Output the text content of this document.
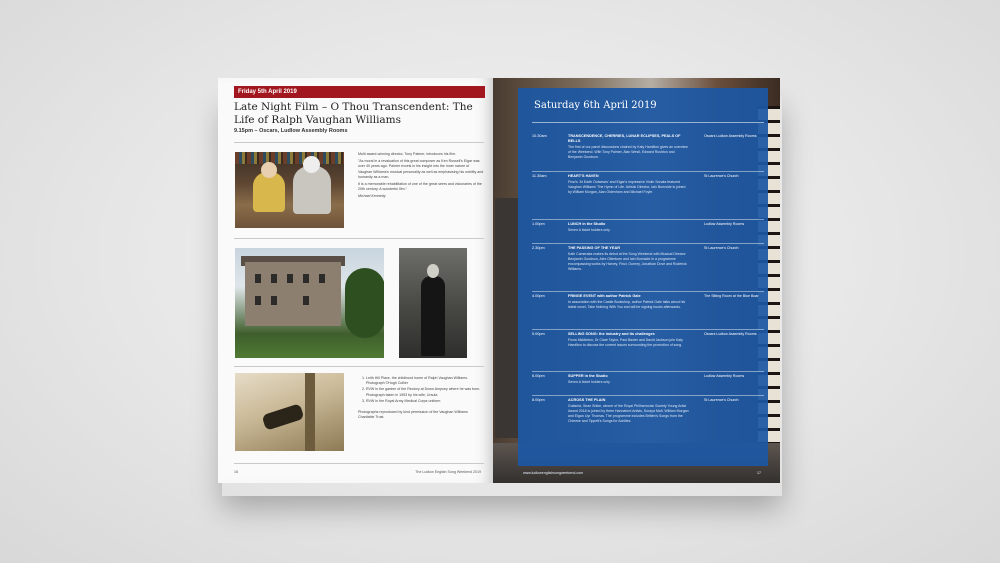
Friday 5th April 2019
Late Night Film – O Thou Transcendent: The Life of Ralph Vaughan Williams
9.15pm – Oscars, Ludlow Assembly Rooms

Multi award-winning director, Tony Palmer, introduces his film.

"As moral in a revaluation of this great composer as Ken Russell's Elgar was over 40 years ago. Palmer excels in his insight into the inner nature of Vaughan Williams's musical personality as well as emphasising his nobility and humanity as a man.

It is a memorable rehabilitation of one of the great seers and visionaries of the 20th century. A wonderful film."

Michael Kennedy

1. Leith Hill Place, the childhood home of Ralph Vaughan Williams. Photograph ©Hugh Collier
2. RVW in the garden of the Rectory at Down Ampney where he was born. Photograph taken in 1953 by his wife, Ursula
3. RVW in the Royal Army Medical Corps uniform
Photographs reproduced by kind permission of the Vaughan Williams Charitable Trust.
16	The Ludlow English Song Weekend 2019
Saturday 6th April 2019
10.30am	TRANSCENDENCE, CHERRIES, LUNAR ECLIPSES, PEALS OF BELLS
The first of our panel discussions chaired by Katy Hamilton gives an overview of the Weekend. With Tony Palmer, Alan Westl, Edward Rushton and Benjamin Goodson.
Oscars Ludlow Assembly Rooms
11.30am	HEART'S HAVEN
Finzi's 'At Earth Outwears' and Elgar's impressive Violin Sonata featured Vaughan Williams' The Hymn of Life. Artistic Director, Iain Burnside is joined by William Morgan, Alan Oldenham and Michael Foyle.
St Laurence's Church
1.00pm	LUNCH in the Studio
Seven A ticket holders only
Ludlow Assembly Rooms
2.30pm	THE PASSING OF THE YEAR
Kath Cameraka makes its debut at the Song Weekend with Musical Director Benjamin Goodson, Alex Otterburn and Iain Burnside in a programme encompassing works by Harvey, Finzi, Gurney, Jonathan Dove and Roderick Williams.
St Laurence's Church
4.00pm	FRINGE EVENT with author Patrick Gale
In association with the Castle Bookshop, author Patrick Gale talks about his latest novel, Take Nothing With You and will be signing books afterwards.
The Sitting Room at the Blue Boar
5.00pm	SELLING SONG: the industry and its challenges
Fiona Middleton, Dr Clare Taylor, Paul Baxter and David Jackson join Katy Hamilton to discuss the current issues surrounding the promotion of song.
Oscars Ludlow Assembly Rooms
6.00pm	SUPPER in the Studio
Seven A ticket holders only
Ludlow Assembly Rooms
8.00pm	ACROSS THE PLAIN
Guitarist, Sean Shibe, winner of the Royal Philharmonic Society Young Artist Award 2018 is joined by three Hannaford Artists, Soraya Mafi, William Morgan and Elgan Llyr Thomas. The programme includes Britten's Songs from the Chinese and Tippett's Songs for Achilles.
St Laurence's Church
www.ludlowenglishsongweekend.com	17
